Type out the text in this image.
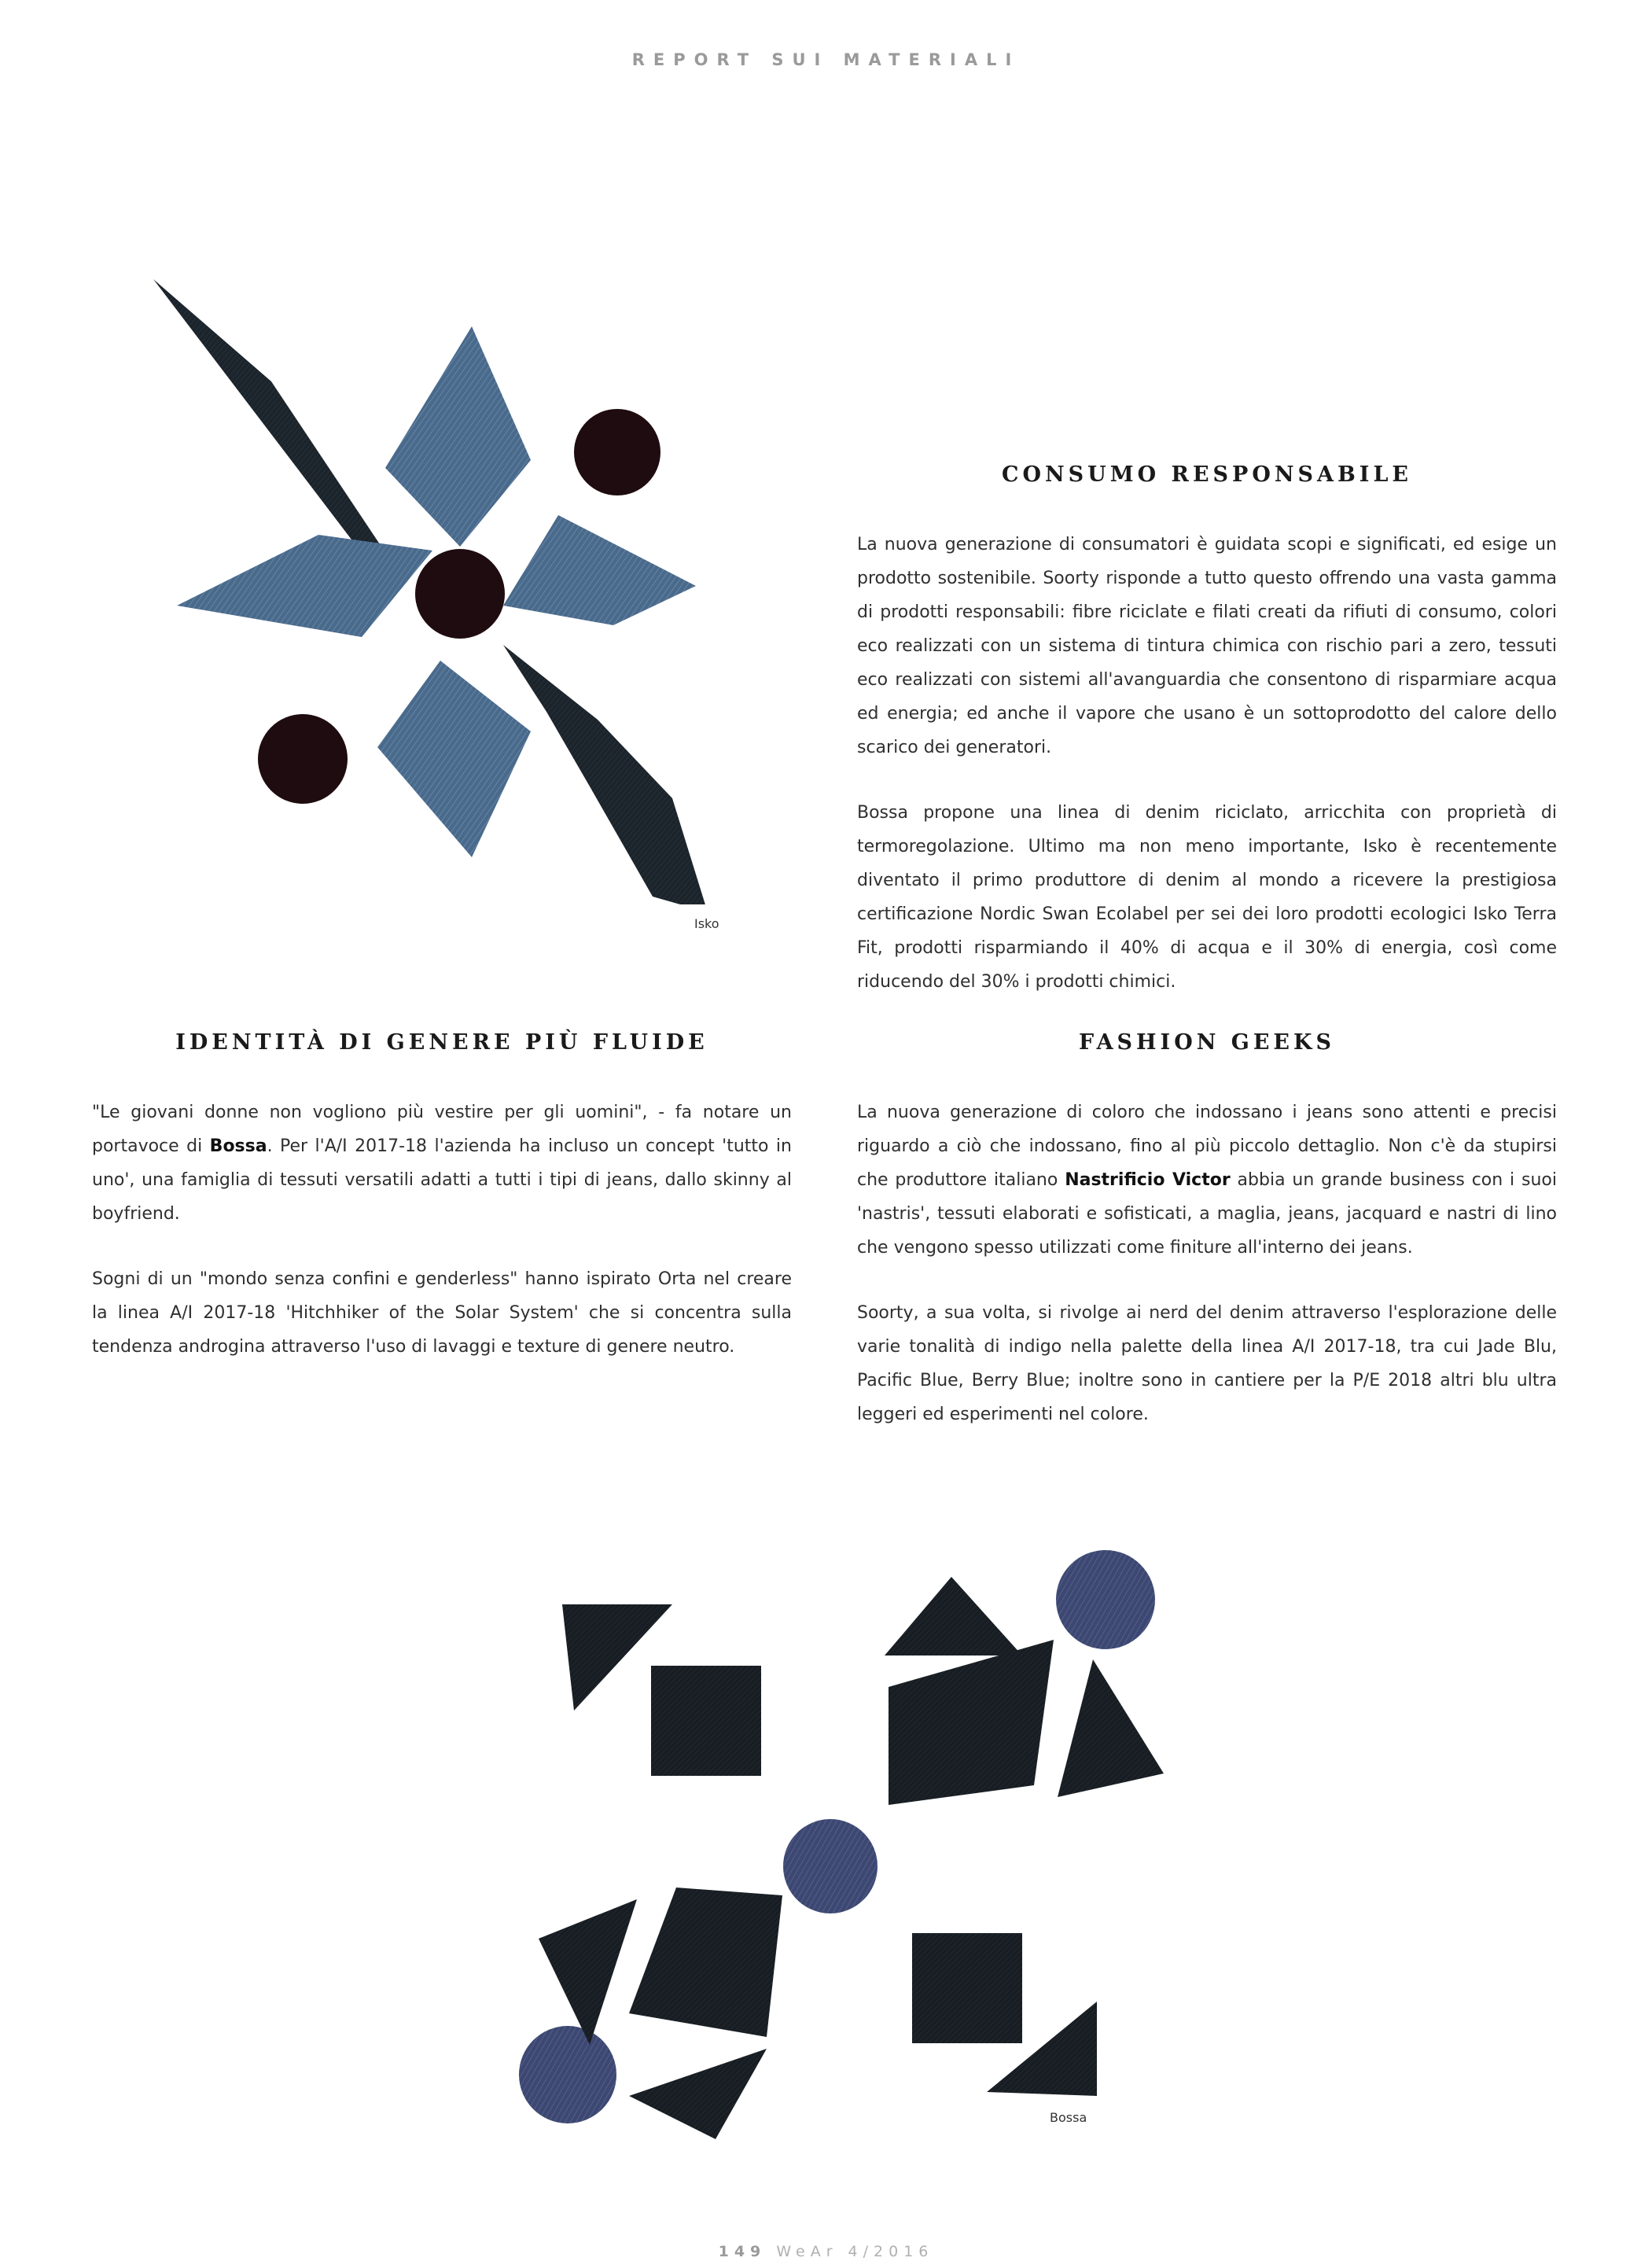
REPORT SUI MATERIALI
Isko
CONSUMO RESPONSABILE

La nuova generazione di consumatori è guidata scopi e significati, ed esige un prodotto sostenibile. Soorty risponde a tutto questo offrendo una vasta gamma di prodotti responsabili: fibre riciclate e filati creati da rifiuti di consumo, colori eco realizzati con un sistema di tintura chimica con rischio pari a zero, tessuti eco realizzati con sistemi all'avanguardia che consentono di risparmiare acqua ed energia; ed anche il vapore che usano è un sottoprodotto del calore dello scarico dei generatori.

Bossa propone una linea di denim riciclato, arricchita con proprietà di termoregolazione. Ultimo ma non meno importante, Isko è recentemente diventato il primo produttore di denim al mondo a ricevere la prestigiosa certificazione Nordic Swan Ecolabel per sei dei loro prodotti ecologici Isko Terra Fit, prodotti risparmiando il 40% di acqua e il 30% di energia, così come riducendo del 30% i prodotti chimici.

IDENTITÀ DI GENERE PIÙ FLUIDE

"Le giovani donne non vogliono più vestire per gli uomini", - fa notare un portavoce di Bossa. Per l'A/I 2017-18 l'azienda ha incluso un concept 'tutto in uno', una famiglia di tessuti versatili adatti a tutti i tipi di jeans, dallo skinny al boyfriend.

Sogni di un "mondo senza confini e genderless" hanno ispirato Orta nel creare la linea A/I 2017-18 'Hitchhiker of the Solar System' che si concentra sulla tendenza androgina attraverso l'uso di lavaggi e texture di genere neutro.

FASHION GEEKS

La nuova generazione di coloro che indossano i jeans sono attenti e precisi riguardo a ciò che indossano, fino al più piccolo dettaglio. Non c'è da stupirsi che produttore italiano Nastrificio Victor abbia un grande business con i suoi 'nastris', tessuti elaborati e sofisticati, a maglia, jeans, jacquard e nastri di lino che vengono spesso utilizzati come finiture all'interno dei jeans.

Soorty, a sua volta, si rivolge ai nerd del denim attraverso l'esplorazione delle varie tonalità di indigo nella palette della linea A/I 2017-18, tra cui Jade Blu, Pacific Blue, Berry Blue; inoltre sono in cantiere per la P/E 2018 altri blu ultra leggeri ed esperimenti nel colore.

Bossa
149 WeAr 4/2016
